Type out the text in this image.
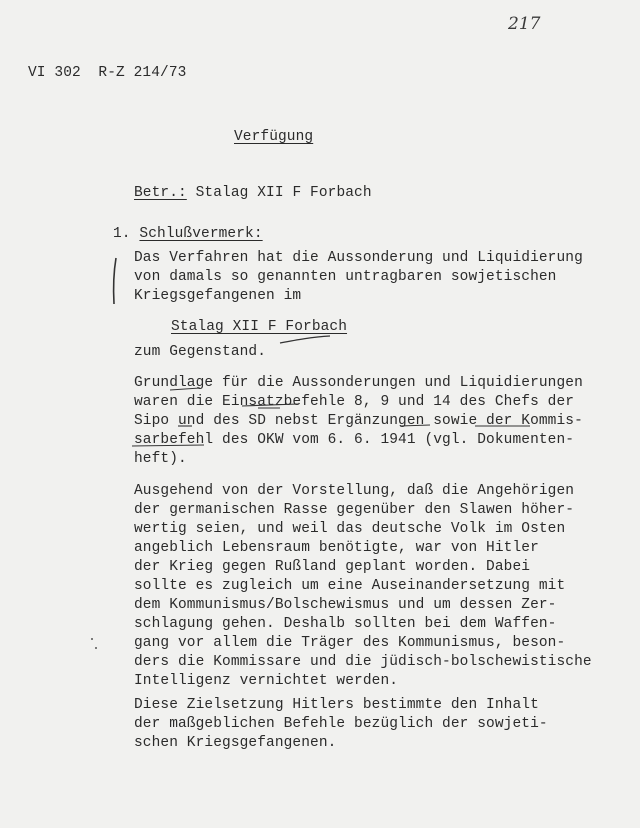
217
VI 302  R-Z 214/73
Verfügung
Betr.: Stalag XII F Forbach
1. Schlußvermerk:
Das Verfahren hat die Aussonderung und Liquidierung
von damals so genannten untragbaren sowjetischen
Kriegsgefangenen im
Stalag XII F Forbach
zum Gegenstand.
Grundlage für die Aussonderungen und Liquidierungen
waren die Einsatzbefehle 8, 9 und 14 des Chefs der
Sipo und des SD nebst Ergänzungen sowie der Kommis-
sarbefehl des OKW vom 6. 6. 1941 (vgl. Dokumenten-
heft).
Ausgehend von der Vorstellung, daß die Angehörigen
der germanischen Rasse gegenüber den Slawen höher-
wertig seien, und weil das deutsche Volk im Osten
angeblich Lebensraum benötigte, war von Hitler
der Krieg gegen Rußland geplant worden. Dabei
sollte es zugleich um eine Auseinandersetzung mit
dem Kommunismus/Bolschewismus und um dessen Zer-
schlagung gehen. Deshalb sollten bei dem Waffen-
gang vor allem die Träger des Kommunismus, beson-
ders die Kommissare und die jüdisch-bolschewistische
Intelligenz vernichtet werden.
Diese Zielsetzung Hitlers bestimmte den Inhalt
der maßgeblichen Befehle bezüglich der sowjeti-
schen Kriegsgefangenen.
